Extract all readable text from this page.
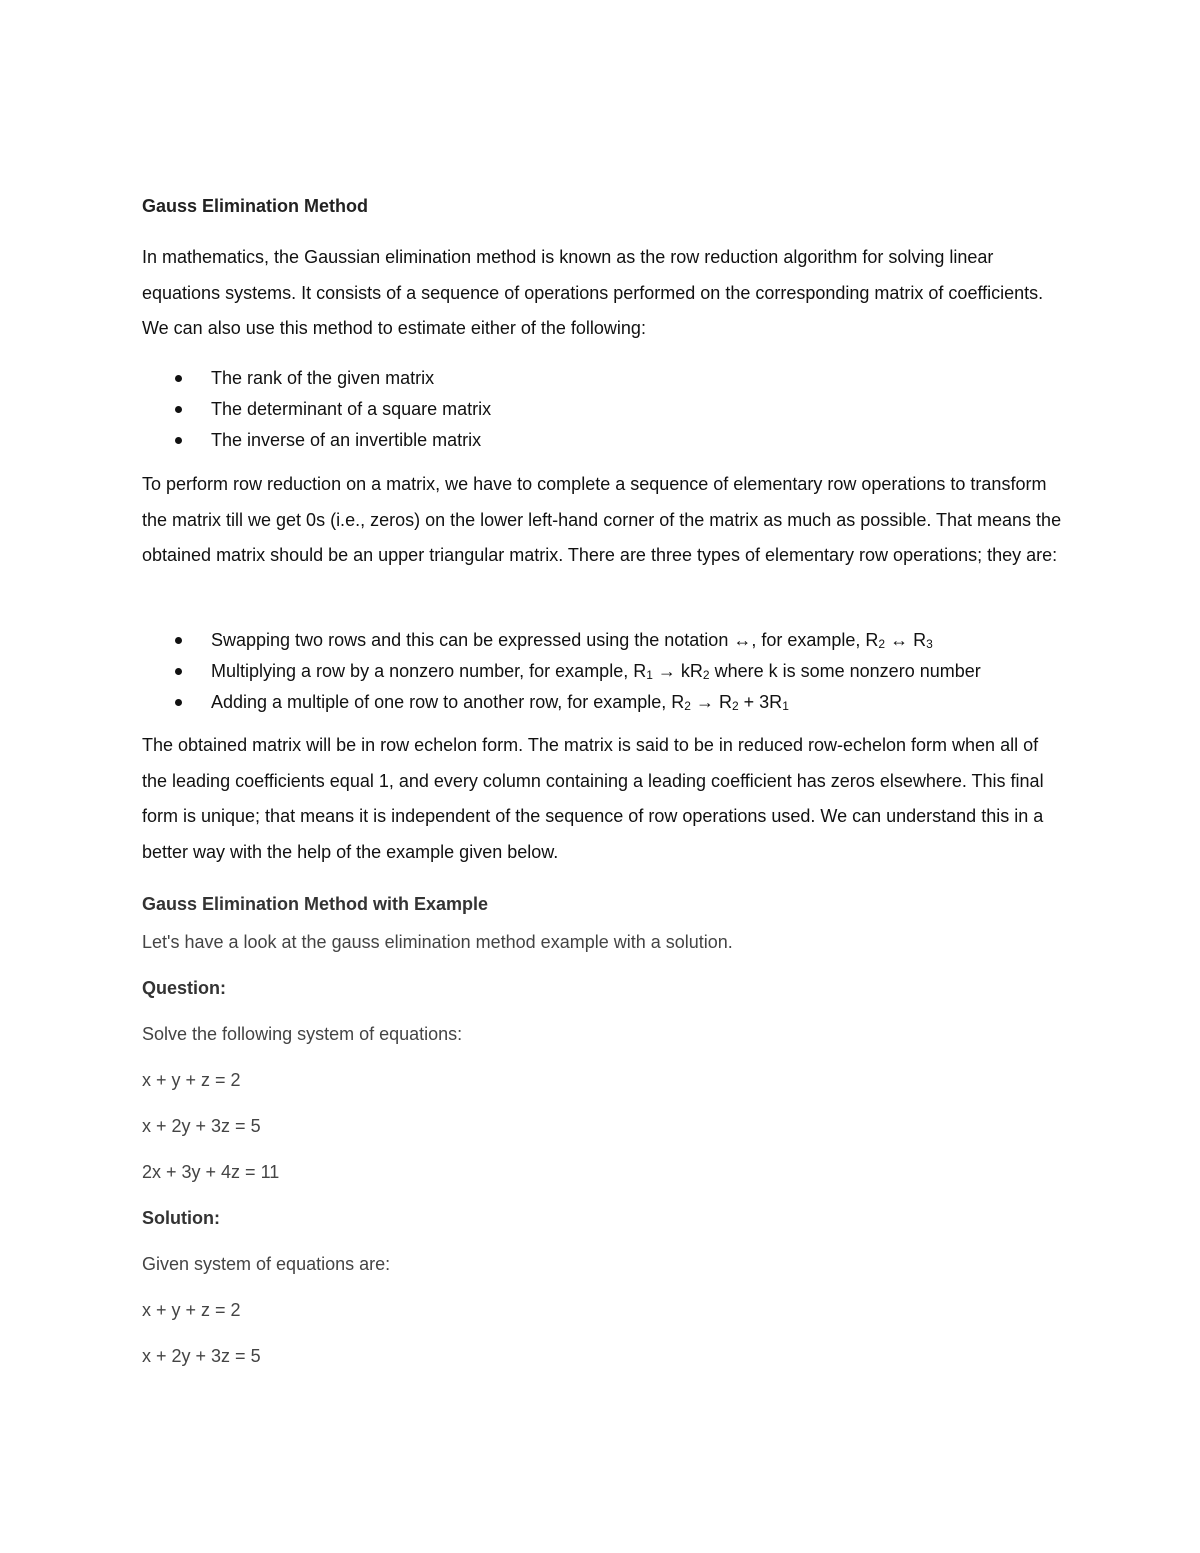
Gauss Elimination Method

In mathematics, the Gaussian elimination method is known as the row reduction algorithm for solving linear equations systems. It consists of a sequence of operations performed on the corresponding matrix of coefficients. We can also use this method to estimate either of the following:

The rank of the given matrix
The determinant of a square matrix
The inverse of an invertible matrix

To perform row reduction on a matrix, we have to complete a sequence of elementary row operations to transform the matrix till we get 0s (i.e., zeros) on the lower left-hand corner of the matrix as much as possible. That means the obtained matrix should be an upper triangular matrix. There are three types of elementary row operations; they are:

Swapping two rows and this can be expressed using the notation ↔, for example, $R_2$ ↔ $R_3$
Multiplying a row by a nonzero number, for example, $R_1 \to kR_2$ where k is some nonzero number
Adding a multiple of one row to another row, for example, $R_2 \to R_2 + 3R_1$

The obtained matrix will be in row echelon form. The matrix is said to be in reduced row-echelon form when all of the leading coefficients equal 1, and every column containing a leading coefficient has zeros elsewhere. This final form is unique; that means it is independent of the sequence of row operations used. We can understand this in a better way with the help of the example given below.

Gauss Elimination Method with Example
Let's have a look at the gauss elimination method example with a solution.
Question:
Solve the following system of equations:
x + y + z = 2
x + 2y + 3z = 5
2x + 3y + 4z = 11
Solution:
Given system of equations are:
x + y + z = 2
x + 2y + 3z = 5
